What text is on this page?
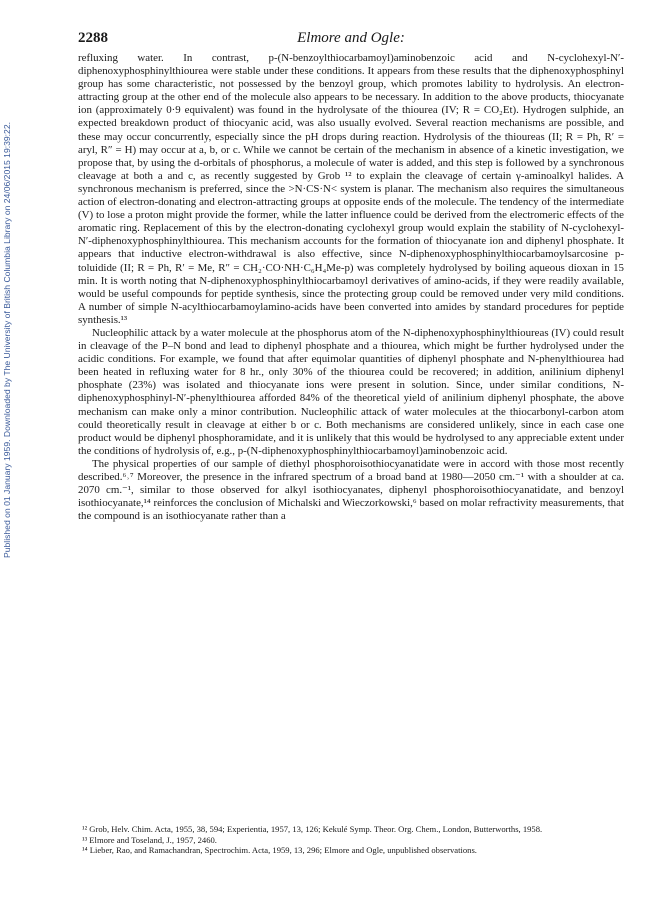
Published on 01 January 1959. Downloaded by The University of British Columbia Library on 24/06/2015 19:39:22.
2288	Elmore and Ogle:

refluxing water. In contrast, p-(N-benzoylthiocarbamoyl)aminobenzoic acid and N-cyclohexyl-N′-diphenoxyphosphinylthiourea were stable under these conditions. It appears from these results that the diphenoxyphosphinyl group has some characteristic, not possessed by the benzoyl group, which promotes lability to hydrolysis. An electron-attracting group at the other end of the molecule also appears to be necessary. In addition to the above products, thiocyanate ion (approximately 0·9 equivalent) was found in the hydrolysate of the thiourea (IV; R = CO₂Et). Hydrogen sulphide, an expected breakdown product of thiocyanic acid, was also usually evolved. Several reaction mechanisms are possible, and these may occur concurrently, especially since the pH drops during reaction. Hydrolysis of the thioureas (II; R = Ph, R′ = aryl, R″ = H) may occur at a, b, or c. While we cannot be certain of the mechanism in absence of a kinetic investigation, we propose that, by using the d-orbitals of phosphorus, a molecule of water is added, and this step is followed by a synchronous cleavage at both a and c, as recently suggested by Grob ¹² to explain the cleavage of certain γ-aminoalkyl halides. A synchronous mechanism is preferred, since the >N·CS·N< system is planar. The mechanism also requires the simultaneous action of electron-donating and electron-attracting groups at opposite ends of the molecule. The tendency of the intermediate (V) to lose a proton might provide the former, while the latter influence could be derived from the electromeric effects of the aromatic ring. Replacement of this by the electron-donating cyclohexyl group would explain the stability of N-cyclohexyl-N′-diphenoxyphosphinylthiourea. This mechanism accounts for the formation of thiocyanate ion and diphenyl phosphate. It appears that inductive electron-withdrawal is also effective, since N-diphenoxyphosphinylthiocarbamoylsarcosine p-toluidide (II; R = Ph, R′ = Me, R″ = CH₂·CO·NH·C₆H₄Me-p) was completely hydrolysed by boiling aqueous dioxan in 15 min. It is worth noting that N-diphenoxyphosphinylthiocarbamoyl derivatives of amino-acids, if they were readily available, would be useful compounds for peptide synthesis, since the protecting group could be removed under very mild conditions. A number of simple N-acylthiocarbamoylamino-acids have been converted into amides by standard procedures for peptide synthesis.¹³

Nucleophilic attack by a water molecule at the phosphorus atom of the N-diphenoxyphosphinylthioureas (IV) could result in cleavage of the P–N bond and lead to diphenyl phosphate and a thiourea, which might be further hydrolysed under the acidic conditions. For example, we found that after equimolar quantities of diphenyl phosphate and N-phenylthiourea had been heated in refluxing water for 8 hr., only 30% of the thiourea could be recovered; in addition, anilinium diphenyl phosphate (23%) was isolated and thiocyanate ions were present in solution. Since, under similar conditions, N-diphenoxyphosphinyl-N′-phenylthiourea afforded 84% of the theoretical yield of anilinium diphenyl phosphate, the above mechanism can make only a minor contribution. Nucleophilic attack of water molecules at the thiocarbonyl-carbon atom could theoretically result in cleavage at either b or c. Both mechanisms are considered unlikely, since in each case one product would be diphenyl phosphoramidate, and it is unlikely that this would be hydrolysed to any appreciable extent under the conditions of hydrolysis of, e.g., p-(N-diphenoxyphosphinylthiocarbamoyl)aminobenzoic acid.

The physical properties of our sample of diethyl phosphoroisothiocyanatidate were in accord with those most recently described.⁶˒⁷ Moreover, the presence in the infrared spectrum of a broad band at 1980—2050 cm.⁻¹ with a shoulder at ca. 2070 cm.⁻¹, similar to those observed for alkyl isothiocyanates, diphenyl phosphoroisothiocyanatidate, and benzoyl isothiocyanate,¹⁴ reinforces the conclusion of Michalski and Wieczorkowski,⁶ based on molar refractivity measurements, that the compound is an isothiocyanate rather than a

¹² Grob, Helv. Chim. Acta, 1955, 38, 594; Experientia, 1957, 13, 126; Kekulé Symp. Theor. Org. Chem., London, Butterworths, 1958.

¹³ Elmore and Toseland, J., 1957, 2460.

¹⁴ Lieber, Rao, and Ramachandran, Spectrochim. Acta, 1959, 13, 296; Elmore and Ogle, unpublished observations.
